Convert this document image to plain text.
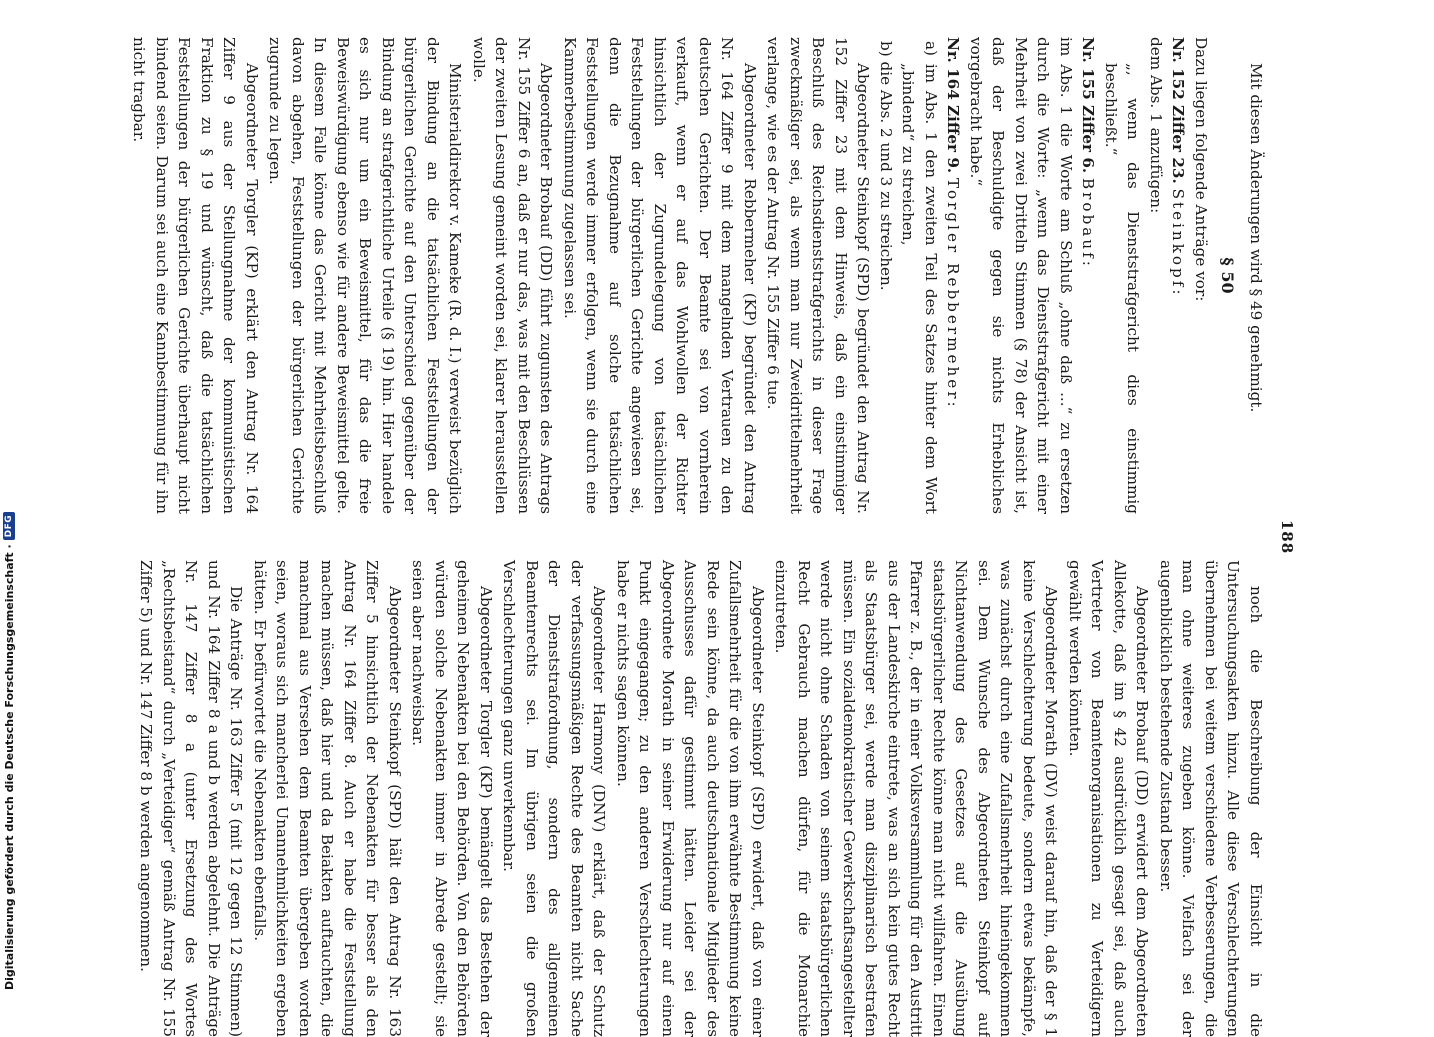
188

Mit diesen Änderungen wird § 49 genehmigt.

§ 50

Dazu liegen folgende Anträge vor:

Nr. 152 Ziffer 23. Steinkopf:
dem Abs. 1 anzufügen:

„, wenn das Dienststrafgericht dies einstimmig beschließt.“

Nr. 155 Ziffer 6. Brobauf:
im Abs. 1 die Worte am Schluß „ohne daß ...“ zu ersetzen durch die Worte: „wenn das Dienststrafgericht mit einer Mehrheit von zwei Dritteln Stimmen (§ 78) der Ansicht ist, daß der Beschuldigte gegen sie nichts Erhebliches vorgebracht habe.“

Nr. 164 Ziffer 9. Torgler Rebbermeher:

a) im Abs. 1 den zweiten Teil des Satzes hinter dem Wort „bindend“ zu streichen,

b) die Abs. 2 und 3 zu streichen.

Abgeordneter Steinkopf (SPD) begründet den Antrag Nr. 152 Ziffer 23 mit dem Hinweis, daß ein einstimmiger Beschluß des Reichsdienststrafgerichts in dieser Frage zweckmäßiger sei, als wenn man nur Zweidrittelmehrheit verlange, wie es der Antrag Nr. 155 Ziffer 6 tue.

Abgeordneter Rebbermeher (KP) begründet den Antrag Nr. 164 Ziffer 9 mit dem mangelnden Vertrauen zu den deutschen Gerichten. Der Beamte sei von vornherein verkauft, wenn er auf das Wohlwollen der Richter hinsichtlich der Zugrundelegung von tatsächlichen Feststellungen der bürgerlichen Gerichte angewiesen sei, denn die Bezugnahme auf solche tatsächlichen Feststellungen werde immer erfolgen, wenn sie durch eine Kammerbestimmung zugelassen sei.

Abgeordneter Brobauf (DD) führt zugunsten des Antrags Nr. 155 Ziffer 6 an, daß er nur das, was mit den Beschlüssen der zweiten Lesung gemeint worden sei, klarer herausstellen wolle.

Ministerialdirektor v. Kameke (R. d. I.) verweist bezüglich der Bindung an die tatsächlichen Feststellungen der bürgerlichen Gerichte auf den Unterschied gegenüber der Bindung an strafgerichtliche Urteile (§ 19) hin. Hier handele es sich nur um ein Beweismittel, für das die freie Beweiswürdigung ebenso wie für andere Beweismittel gelte. In diesem Falle könne das Gericht mit Mehrheitsbeschluß davon abgehen, Feststellungen der bürgerlichen Gerichte zugrunde zu legen.

Abgeordneter Torgler (KP) erklärt den Antrag Nr. 164 Ziffer 9 aus der Stellungnahme der kommunistischen Fraktion zu § 19 und wünscht, daß die tatsächlichen Feststellungen der bürgerlichen Gerichte überhaupt nicht bindend seien. Darum sei auch eine Kannbestimmung für ihn nicht tragbar.

noch die Beschreibung der Einsicht in die Untersuchungsakten hinzu. Alle diese Verschlechterungen übernehmen bei weitem verschiedene Verbesserungen, die man ohne weiteres zugeben könne. Vielfach sei der augenblicklich bestehende Zustand besser.

Abgeordneter Brobauf (DD) erwidert dem Abgeordneten Allekotte, daß im § 42 ausdrücklich gesagt sei, daß auch Vertreter von Beamtenorganisationen zu Verteidigern gewählt werden könnten.

Abgeordneter Morath (DV) weist darauf hin, daß der § 1 keine Verschlechterung bedeute, sondern etwas bekämpfe, was zunächst durch eine Zufallsmehrheit hineingekommen sei. Dem Wunsche des Abgeordneten Steinkopf auf Nichtanwendung des Gesetzes auf die Ausübung staatsbürgerlicher Rechte könne man nicht willfahren. Einen Pfarrer z. B., der in einer Volksversammlung für den Austritt aus der Landeskirche eintrete, was an sich kein gutes Recht als Staatsbürger sei, werde man disziplinarisch bestrafen müssen. Ein sozialdemokratischer Gewerkschaftsangestellter werde nicht ohne Schaden von seinem staatsbürgerlichen Recht Gebrauch machen dürfen, für die Monarchie einzutreten.

Abgeordneter Steinkopf (SPD) erwidert, daß von einer Zufallsmehrheit für die von ihm erwähnte Bestimmung keine Rede sein könne, da auch deutschnationale Mitglieder des Ausschusses dafür gestimmt hätten. Leider sei der Abgeordnete Morath in seiner Erwiderung nur auf einen Punkt eingegangen; zu den anderen Verschlechterungen habe er nichts sagen können.

Abgeordneter Harmony (DNV) erklärt, daß der Schutz der verfassungsmäßigen Rechte des Beamten nicht Sache der Dienststrafordnung, sondern des allgemeinen Beamtenrechts sei. Im übrigen seien die großen Verschlechterungen ganz unverkennbar.

Abgeordneter Torgler (KP) bemängelt das Bestehen der geheimen Nebenakten bei den Behörden. Von den Behörden würden solche Nebenakten immer in Abrede gestellt; sie seien aber nachweisbar.

Abgeordneter Steinkopf (SPD) hält den Antrag Nr. 163 Ziffer 5 hinsichtlich der Nebenakten für besser als den Antrag Nr. 164 Ziffer 8. Auch er habe die Feststellung machen müssen, daß hier und da Beiakten auftauchten, die manchmal aus Versehen dem Beamten übergeben worden seien, woraus sich mancherlei Unannehmlichkeiten ergeben hätten. Er befürwortet die Nebenakten ebenfalls.

Die Anträge Nr. 163 Ziffer 5 (mit 12 gegen 12 Stimmen) und Nr. 164 Ziffer 8 a und b werden abgelehnt. Die Anträge Nr. 147 Ziffer 8 a (unter Ersetzung des Wortes „Rechtsbeistand“ durch „Verteidiger“ gemäß Antrag Nr. 155 Ziffer 5) und Nr. 147 Ziffer 8 b werden angenommen.

Digitalisierung gefördert durch die Deutsche Forschungsgemeinschaft ·
DFG
